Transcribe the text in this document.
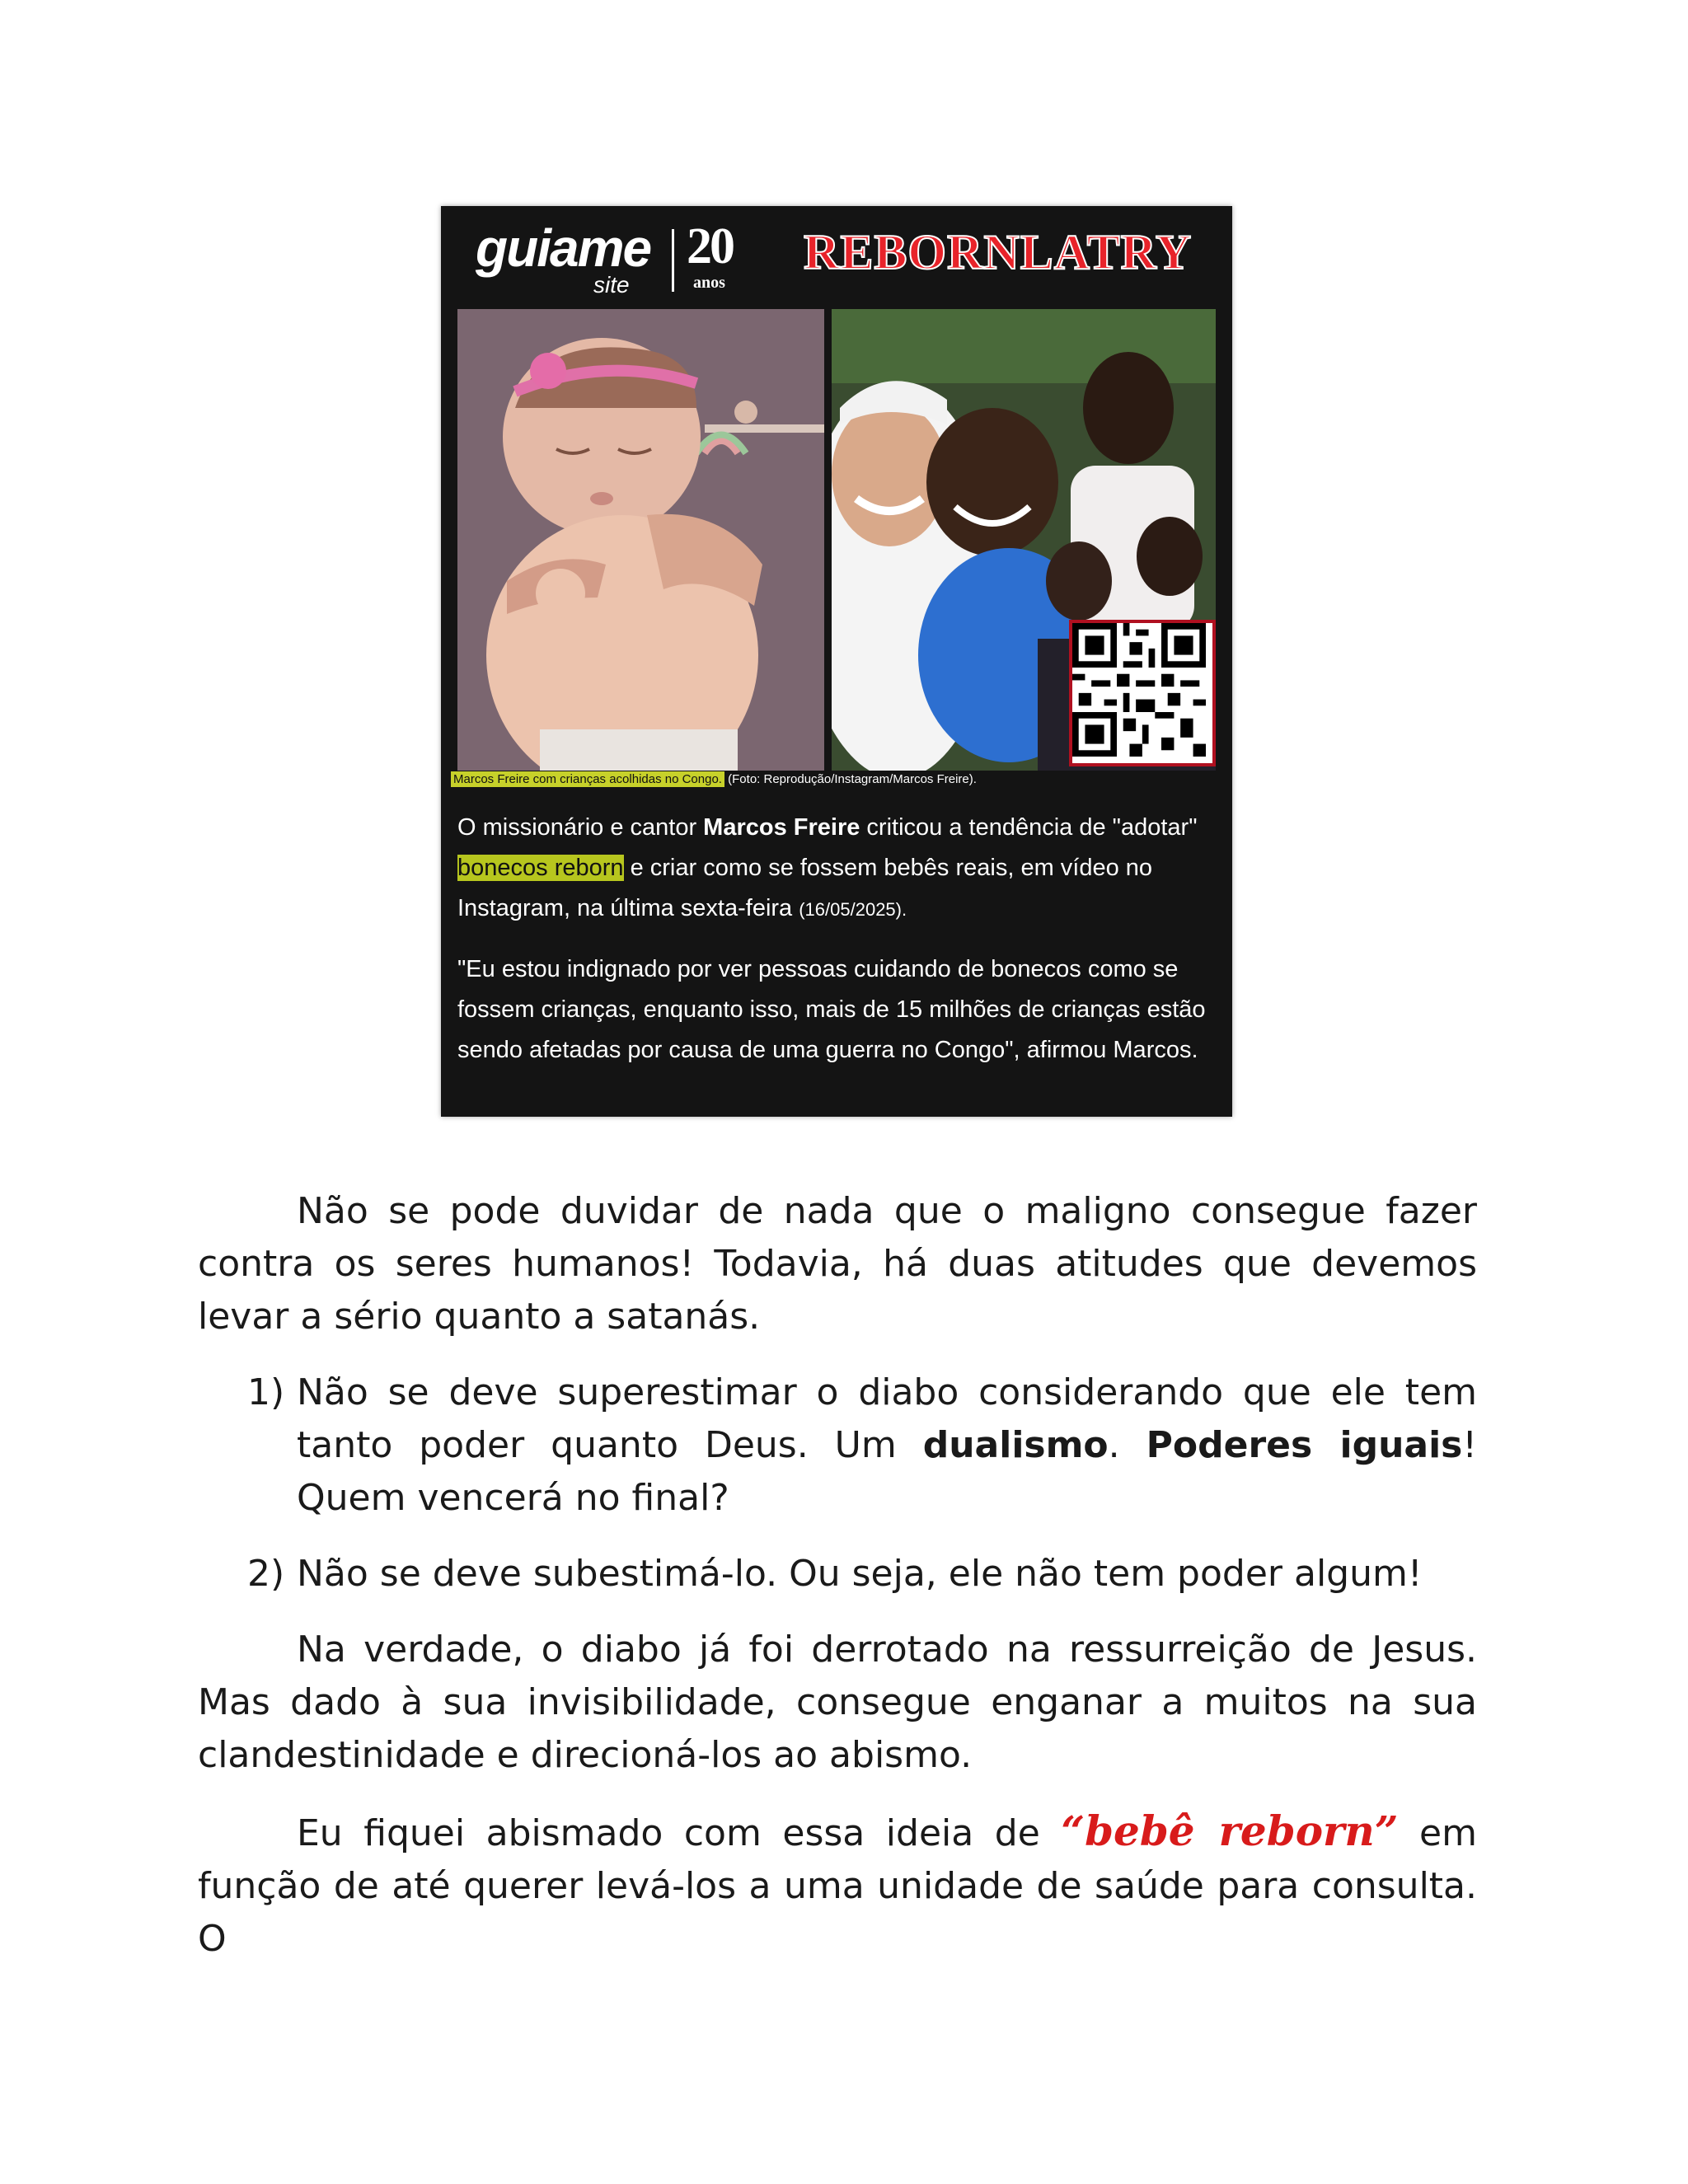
guiame
site
20
anos
REBORNLATRY
Marcos Freire com crianças acolhidas no Congo. (Foto: Reprodução/Instagram/Marcos Freire).

O missionário e cantor Marcos Freire criticou a tendência de "adotar" bonecos reborn e criar como se fossem bebês reais, em vídeo no Instagram, na última sexta-feira (16/05/2025).

"Eu estou indignado por ver pessoas cuidando de bonecos como se fossem crianças, enquanto isso, mais de 15 milhões de crianças estão sendo afetadas por causa de uma guerra no Congo", afirmou Marcos.

Não se pode duvidar de nada que o maligno consegue fazer contra os seres humanos! Todavia, há duas atitudes que devemos levar a sério quanto a satanás.

1) Não se deve superestimar o diabo considerando que ele tem tanto poder quanto Deus. Um dualismo. Poderes iguais! Quem vencerá no final?
2) Não se deve subestimá-lo. Ou seja, ele não tem poder algum!

Na verdade, o diabo já foi derrotado na ressurreição de Jesus. Mas dado à sua invisibilidade, consegue enganar a muitos na sua clandestinidade e direcioná-los ao abismo.

Eu fiquei abismado com essa ideia de “bebê reborn” em função de até querer levá-los a uma unidade de saúde para consulta. O
